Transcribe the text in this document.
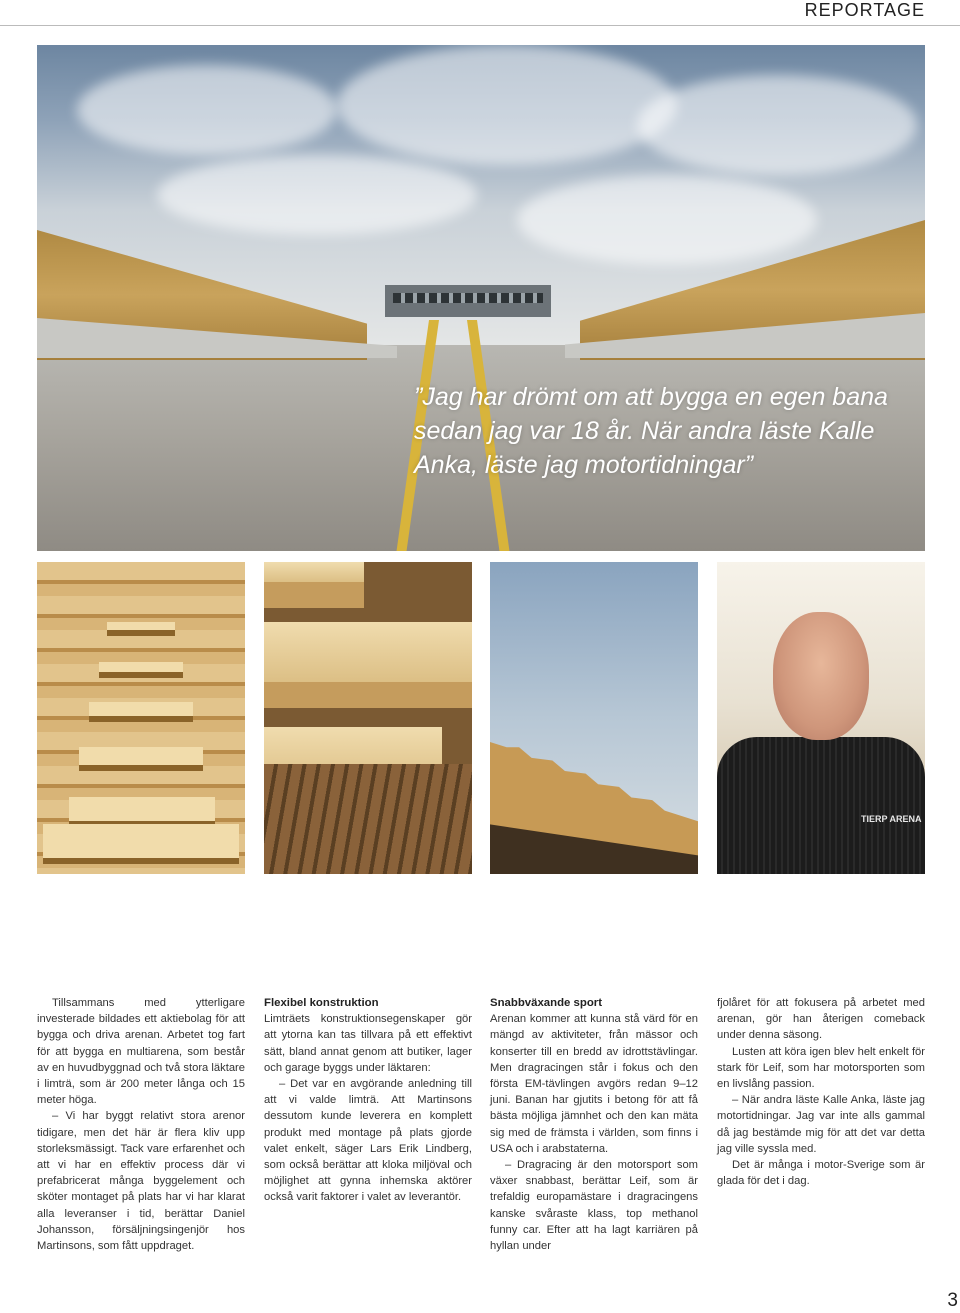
REPORTAGE
”Jag har drömt om att bygga en egen bana sedan jag var 18 år. När andra läste Kalle Anka, läste jag motortidningar”
TIERP ARENA

Tillsammans med ytterligare investerade bildades ett aktiebolag för att bygga och driva arenan. Arbetet tog fart för att bygga en multiarena, som består av en huvudbyggnad och två stora läktare i limträ, som är 200 meter långa och 15 meter höga.

– Vi har byggt relativt stora arenor tidigare, men det här är flera kliv upp storleksmässigt. Tack vare erfarenhet och att vi har en effektiv process där vi prefabricerat många byggelement och sköter montaget på plats har vi har klarat alla leveranser i tid, berättar Daniel Johansson, försäljningsingenjör hos Martinsons, som fått uppdraget.

Flexibel konstruktion

Limträets konstruktionsegenskaper gör att ytorna kan tas tillvara på ett effektivt sätt, bland annat genom att butiker, lager och garage byggs under läktaren:

– Det var en avgörande anledning till att vi valde limträ. Att Martinsons dessutom kunde leverera en komplett produkt med montage på plats gjorde valet enkelt, säger Lars Erik Lindberg, som också berättar att kloka miljöval och möjlighet att gynna inhemska aktörer också varit faktorer i valet av leverantör.

Snabbväxande sport

Arenan kommer att kunna stå värd för en mängd av aktiviteter, från mässor och konserter till en bredd av idrottstävlingar. Men dragracingen står i fokus och den första EM-tävlingen avgörs redan 9–12 juni. Banan har gjutits i betong för att få bästa möjliga jämnhet och den kan mäta sig med de främsta i världen, som finns i USA och i arabstaterna.

– Dragracing är den motorsport som växer snabbast, berättar Leif, som är trefaldig europamästare i dragracingens kanske svåraste klass, top methanol funny car. Efter att ha lagt karriären på hyllan under

fjolåret för att fokusera på arbetet med arenan, gör han återigen comeback under denna säsong.

Lusten att köra igen blev helt enkelt för stark för Leif, som har motorsporten som en livslång passion.

– När andra läste Kalle Anka, läste jag motortidningar. Jag var inte alls gammal då jag bestämde mig för att det var detta jag ville syssla med.

Det är många i motor-Sverige som är glada för det i dag.

3
